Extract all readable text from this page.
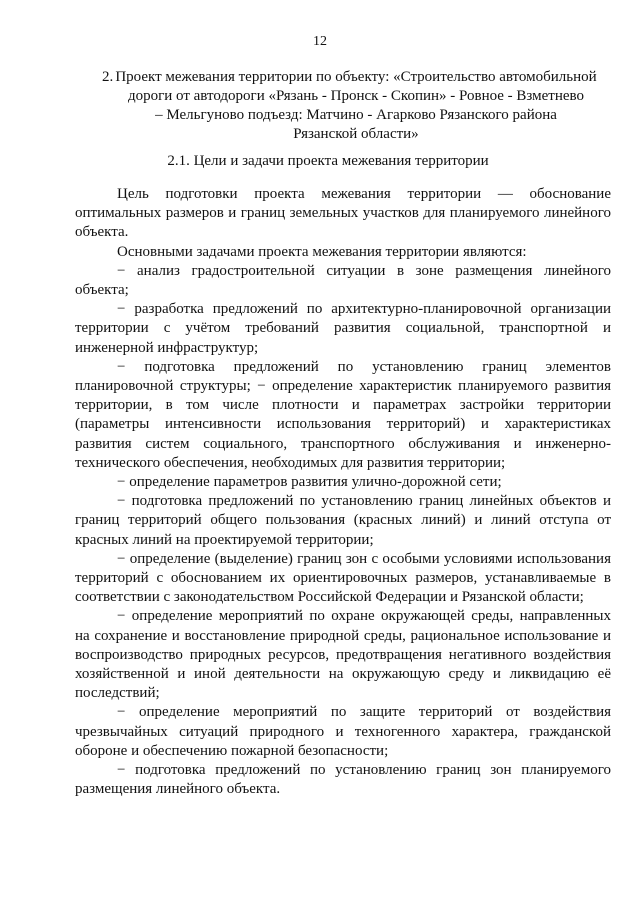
12
2. Проект межевания территории по объекту: «Строительство автомобильной
дороги от автодороги «Рязань - Пронск - Скопин» - Ровное - Взметнево
– Мельгуново подъезд: Матчино - Агарково Рязанского района
Рязанской области»
2.1. Цели и задачи проекта межевания территории

Цель подготовки проекта межевания территории — обоснование оптимальных размеров и границ земельных участков для планируемого линейного объекта.

Основными задачами проекта межевания территории являются:

− анализ градостроительной ситуации в зоне размещения линейного объекта;

− разработка предложений по архитектурно-планировочной организации территории с учётом требований развития социальной, транспортной и инженерной инфраструктур;

− подготовка предложений по установлению границ элементов планировочной структуры; − определение характеристик планируемого развития территории, в том числе плотности и параметрах застройки территории (параметры интенсивности использования территорий) и характеристиках развития систем социального, транспортного обслуживания и инженерно-технического обеспечения, необходимых для развития территории;

− определение параметров развития улично-дорожной сети;

− подготовка предложений по установлению границ линейных объектов и границ территорий общего пользования (красных линий) и линий отступа от красных линий на проектируемой территории;

− определение (выделение) границ зон с особыми условиями использования территорий с обоснованием их ориентировочных размеров, устанавливаемые в соответствии с законодательством Российской Федерации и Рязанской области;

− определение мероприятий по охране окружающей среды, направленных на сохранение и восстановление природной среды, рациональное использование и воспроизводство природных ресурсов, предотвращения негативного воздействия хозяйственной и иной деятельности на окружающую среду и ликвидацию её последствий;

− определение мероприятий по защите территорий от воздействия чрезвычайных ситуаций природного и техногенного характера, гражданской обороне и обеспечению пожарной безопасности;

− подготовка предложений по установлению границ зон планируемого размещения линейного объекта.
